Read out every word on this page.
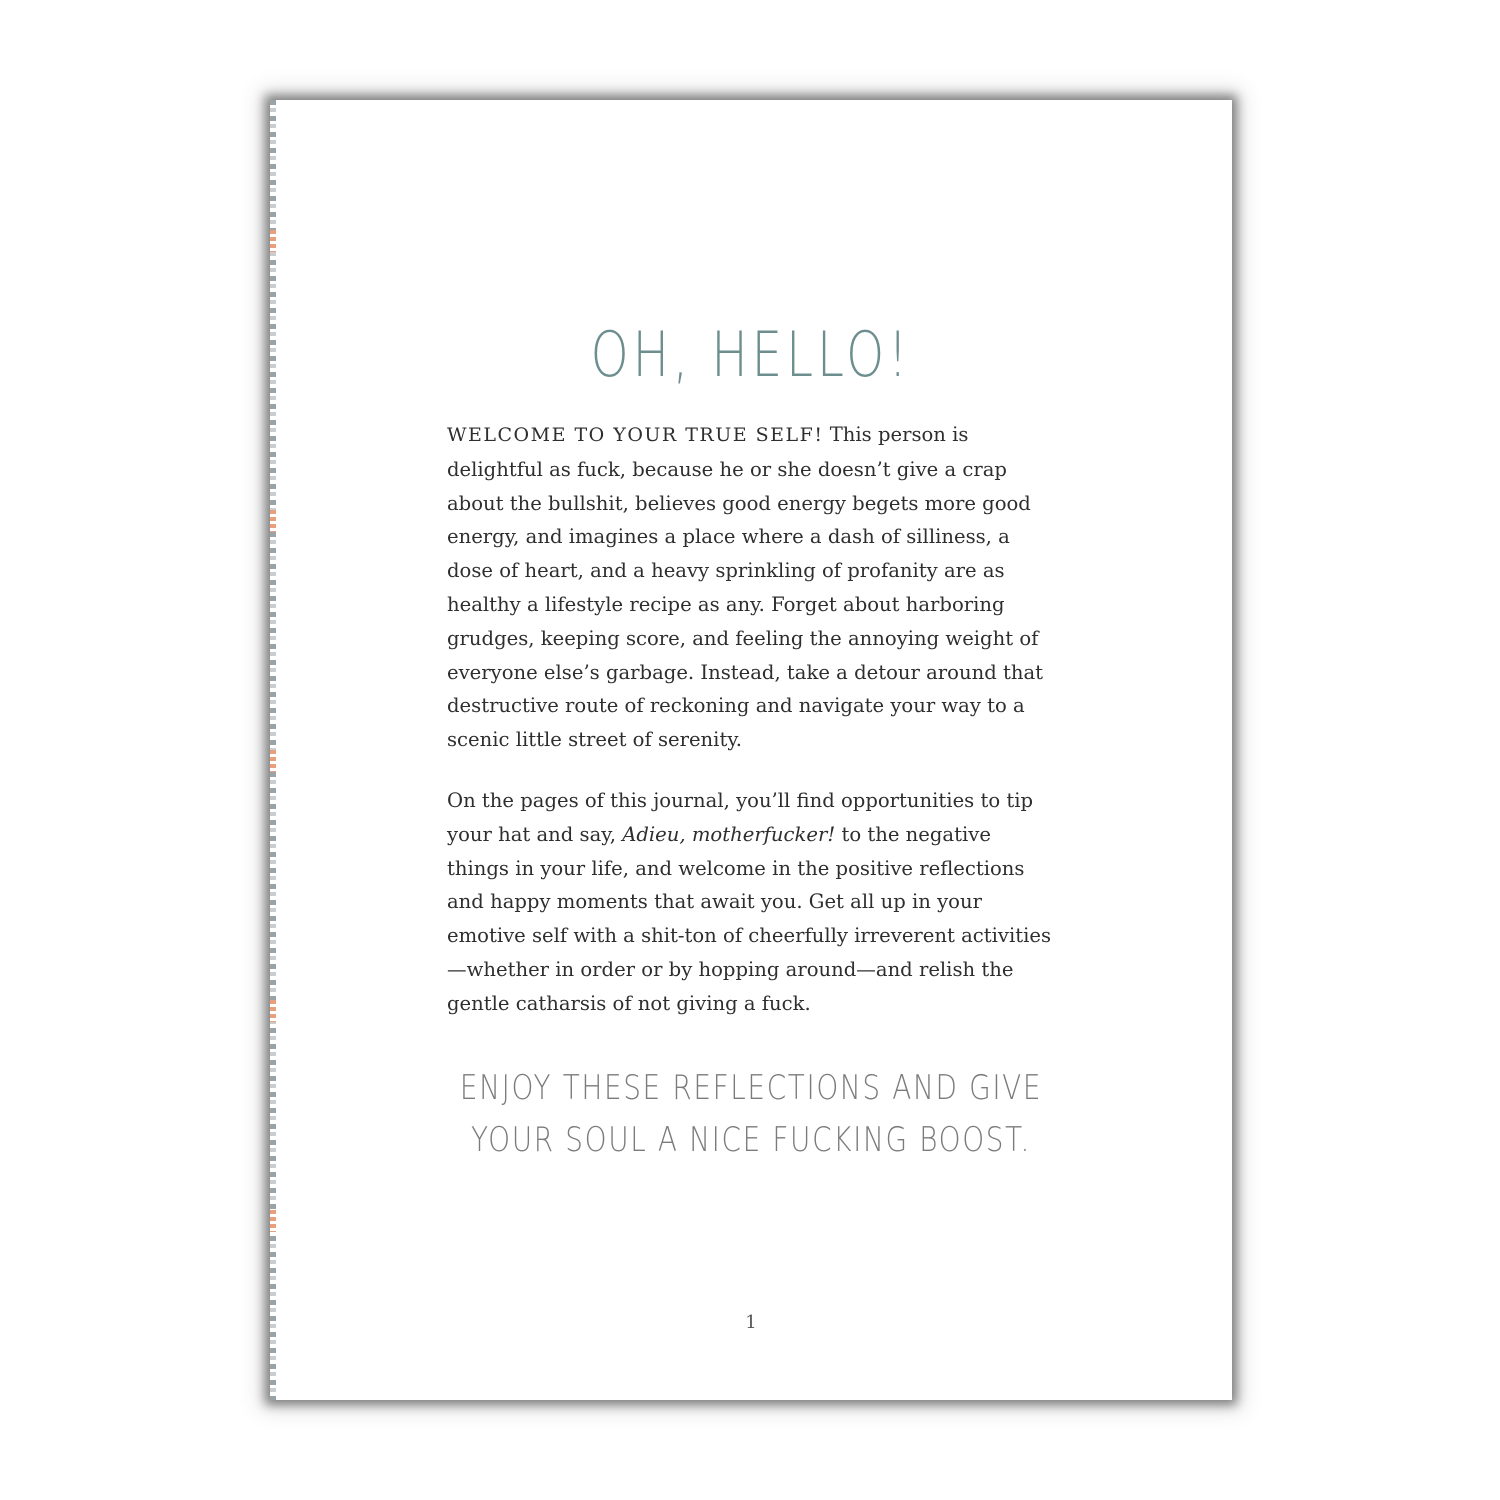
OH, HELLO!

WELCOME TO YOUR TRUE SELF! This person is delightful as fuck, because he or she doesn’t give a crap about the bullshit, believes good energy begets more good energy, and imagines a place where a dash of silliness, a dose of heart, and a heavy sprinkling of profanity are as healthy a lifestyle recipe as any. Forget about harboring grudges, keeping score, and feeling the annoying weight of everyone else’s garbage. Instead, take a detour around that destructive route of reckoning and navigate your way to a scenic little street of serenity.

On the pages of this journal, you’ll find opportunities to tip your hat and say, Adieu, motherfucker! to the negative things in your life, and welcome in the positive reflections and happy moments that await you. Get all up in your emotive self with a shit-ton of cheerfully irreverent activities—whether in order or by hopping around—and relish the gentle catharsis of not giving a fuck.

ENJOY THESE REFLECTIONS AND GIVE
YOUR SOUL A NICE FUCKING BOOST.
1
